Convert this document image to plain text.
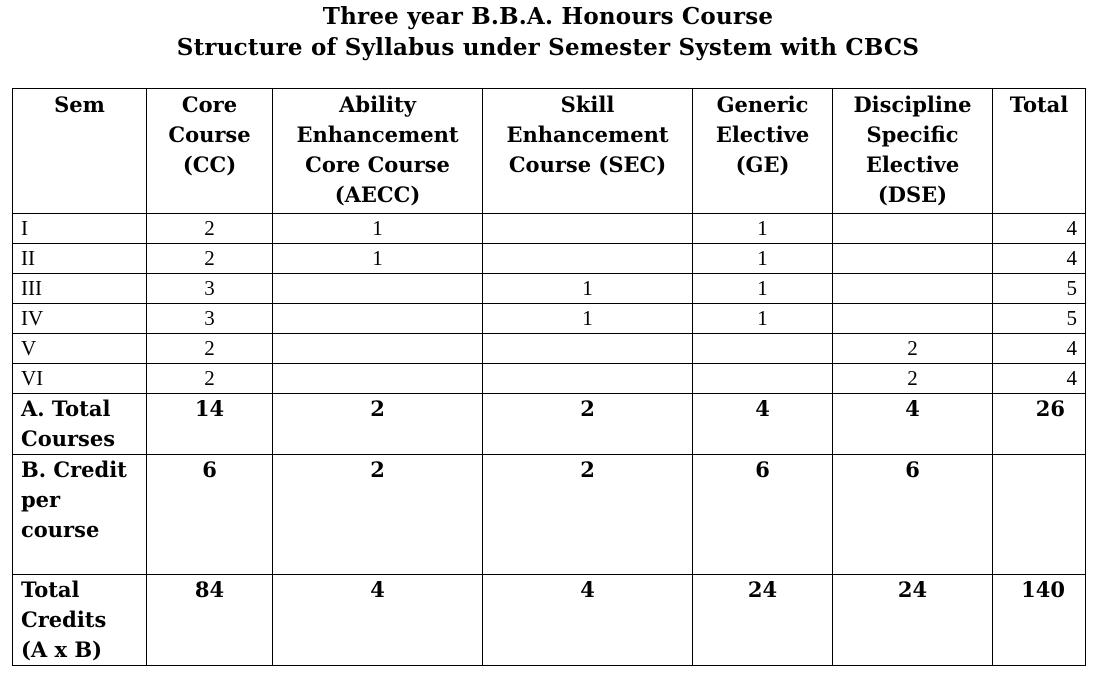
Three year B.B.A. Honours Course
Structure of Syllabus under Semester System with CBCS
Sem	Core Course (CC)	Ability Enhancement Core Course (AECC)	Skill Enhancement Course (SEC)	Generic Elective (GE)	Discipline Specific Elective (DSE)	Total
I	2	1		1		4
II	2	1		1		4
III	3		1	1		5
IV	3		1	1		5
V	2				2	4
VI	2				2	4
A. Total Courses	14	2	2	4	4	26
B. Credit per course	6	2	2	6	6	
Total Credits (A x B)	84	4	4	24	24	140
